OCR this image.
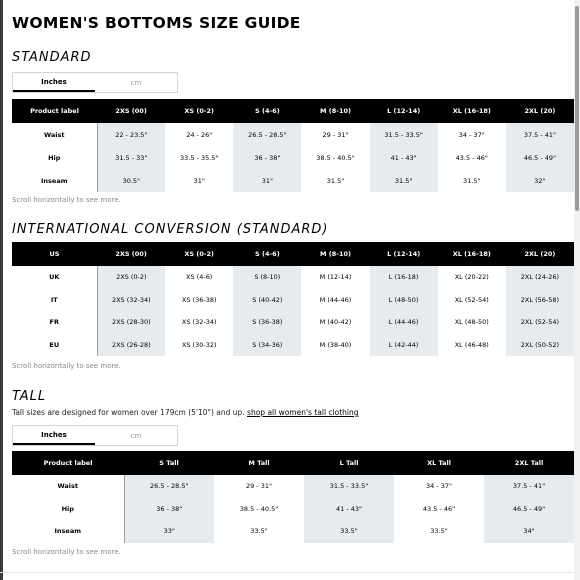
WOMEN'S BOTTOMS SIZE GUIDE
STANDARD
Inches	cm
Product label	2XS (00)	XS (0-2)	S (4-6)	M (8-10)	L (12-14)	XL (16-18)	2XL (20)
Waist	22 - 23.5"	24 - 26"	26.5 - 28.5"	29 - 31"	31.5 - 33.5"	34 - 37"	37.5 - 41"
Hip	31.5 - 33"	33.5 - 35.5"	36 - 38"	38.5 - 40.5"	41 - 43"	43.5 - 46"	46.5 - 49"
Inseam	30.5"	31"	31"	31.5"	31.5"	31.5"	32"
Scroll horizontally to see more.
INTERNATIONAL CONVERSION (STANDARD)
US	2XS (00)	XS (0-2)	S (4-6)	M (8-10)	L (12-14)	XL (16-18)	2XL (20)
UK	2XS (0-2)	XS (4-6)	S (8-10)	M (12-14)	L (16-18)	XL (20-22)	2XL (24-26)
IT	2XS (32-34)	XS (36-38)	S (40-42)	M (44-46)	L (48-50)	XL (52-54)	2XL (56-58)
FR	2XS (28-30)	XS (32-34)	S (36-38)	M (40-42)	L (44-46)	XL (48-50)	2XL (52-54)
EU	2XS (26-28)	XS (30-32)	S (34-36)	M (38-40)	L (42-44)	XL (46-48)	2XL (50-52)
Scroll horizontally to see more.
TALL
Tall sizes are designed for women over 179cm (5'10") and up. shop all women's tall clothing
Inches	cm
Product label	S Tall	M Tall	L Tall	XL Tall	2XL Tall
Waist	26.5 - 28.5"	29 - 31"	31.5 - 33.5"	34 - 37"	37.5 - 41"
Hip	36 - 38"	38.5 - 40.5"	41 - 43"	43.5 - 46"	46.5 - 49"
Inseam	33"	33.5"	33.5"	33.5"	34"
Scroll horizontally to see more.
